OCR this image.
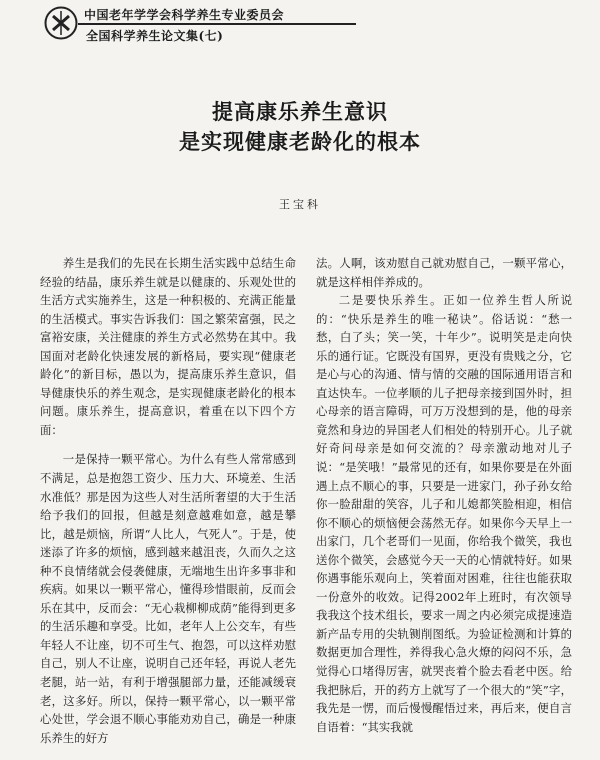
中国老年学学会科学养生专业委员会
全国科学养生论文集(七)
提高康乐养生意识
是实现健康老龄化的根本
王宝科

养生是我们的先民在长期生活实践中总结生命经验的结晶，康乐养生就是以健康的、乐观处世的生活方式实施养生，这是一种积极的、充满正能量的生活模式。事实告诉我们：国之繁荣富强，民之富裕安康，关注健康的养生方式必然势在其中。我国面对老龄化快速发展的新格局，要实现“健康老龄化”的新目标，愚以为，提高康乐养生意识，倡导健康快乐的养生观念，是实现健康老龄化的根本问题。康乐养生，提高意识，着重在以下四个方面：

一是保持一颗平常心。为什么有些人常常感到不满足，总是抱怨工资少、压力大、环境差、生活水准低？那是因为这些人对生活所奢望的大于生活给予我们的回报，但越是刻意越难如意，越是攀比，越是烦恼，所谓“人比人，气死人”。于是，使迷添了许多的烦恼，感到越来越沮丧，久而久之这种不良情绪就会侵袭健康，无端地生出许多事非和疾病。如果以一颗平常心，懂得珍惜眼前，反而会乐在其中，反而会：“无心栽柳柳成荫”能得到更多的生活乐趣和享受。比如，老年人上公交车，有些年轻人不让座，切不可生气、抱怨，可以这样劝慰自己，别人不让座，说明自己还年轻，再说人老先老腿，站一站，有利于增强腿部力量，还能减缓衰老，这多好。所以，保持一颗平常心，以一颗平常心处世，学会退不顺心事能劝劝自己，确是一种康乐养生的好方

法。人啊，该劝慰自己就劝慰自己，一颗平常心，就是这样相伴养成的。

二是要快乐养生。正如一位养生哲人所说的：“快乐是养生的唯一秘诀”。俗话说：“愁一愁，白了头；笑一笑，十年少”。说明笑是走向快乐的通行证。它既没有国界，更没有贵贱之分，它是心与心的沟通、情与情的交融的国际通用语言和直达快车。一位孝顺的儿子把母亲接到国外时，担心母亲的语言障碍，可万万没想到的是，他的母亲竟然和身边的异国老人们相处的特别开心。儿子就好奇问母亲是如何交流的？母亲激动地对儿子说：“是笑哦！”最常见的还有，如果你要是在外面遇上点不顺心的事，只要是一进家门，孙子孙女给你一脸甜甜的笑容，儿子和儿媳都笑脸相迎，相信你不顺心的烦恼便会荡然无存。如果你今天早上一出家门，几个老哥们一见面，你给我个微笑，我也送你个微笑，会感觉今天一天的心情就特好。如果你遇事能乐观向上，笑着面对困难，往往也能获取一份意外的收效。记得2002年上班时，有次领导我我这个技术组长，要求一周之内必须完成提速造新产品专用的尖轨铡削图纸。为验证检测和计算的数据更加合理性，养得我心急火燎的闷闷不乐，急觉得心口堵得厉害，就哭丧着个脸去看老中医。给我把脉后，开的药方上就写了一个很大的“笑”字，我先是一愣，而后慢慢醒悟过来，再后来，便自言自语着：“其实我就
